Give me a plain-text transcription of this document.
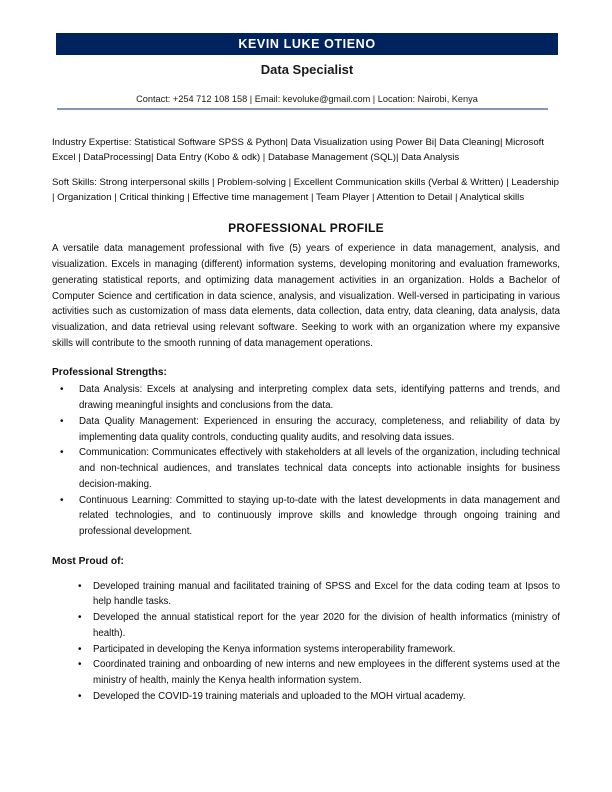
KEVIN LUKE OTIENO
Data Specialist
Contact: +254 712 108 158 | Email: kevoluke@gmail.com | Location: Nairobi, Kenya
Industry Expertise: Statistical Software SPSS & Python| Data Visualization using Power Bi| Data Cleaning| Microsoft Excel | DataProcessing| Data Entry (Kobo & odk) | Database Management (SQL)| Data Analysis
Soft Skills: Strong interpersonal skills | Problem-solving | Excellent Communication skills (Verbal & Written) | Leadership | Organization | Critical thinking | Effective time management | Team Player | Attention to Detail | Analytical skills
PROFESSIONAL PROFILE
A versatile data management professional with five (5) years of experience in data management, analysis, and visualization. Excels in managing (different) information systems, developing monitoring and evaluation frameworks, generating statistical reports, and optimizing data management activities in an organization. Holds a Bachelor of Computer Science and certification in data science, analysis, and visualization. Well-versed in participating in various activities such as customization of mass data elements, data collection, data entry, data cleaning, data analysis, data visualization, and data retrieval using relevant software. Seeking to work with an organization where my expansive skills will contribute to the smooth running of data management operations.
Professional Strengths:
•	Data Analysis: Excels at analysing and interpreting complex data sets, identifying patterns and trends, and drawing meaningful insights and conclusions from the data.
•	Data Quality Management: Experienced in ensuring the accuracy, completeness, and reliability of data by implementing data quality controls, conducting quality audits, and resolving data issues.
•	Communication: Communicates effectively with stakeholders at all levels of the organization, including technical and non-technical audiences, and translates technical data concepts into actionable insights for business decision-making.
•	Continuous Learning: Committed to staying up-to-date with the latest developments in data management and related technologies, and to continuously improve skills and knowledge through ongoing training and professional development.
Most Proud of:
•	Developed training manual and facilitated training of SPSS and Excel for the data coding team at Ipsos to help handle tasks.
•	Developed the annual statistical report for the year 2020 for the division of health informatics (ministry of health).
•	Participated in developing the Kenya information systems interoperability framework.
•	Coordinated training and onboarding of new interns and new employees in the different systems used at the ministry of health, mainly the Kenya health information system.
•	Developed the COVID-19 training materials and uploaded to the MOH virtual academy.
